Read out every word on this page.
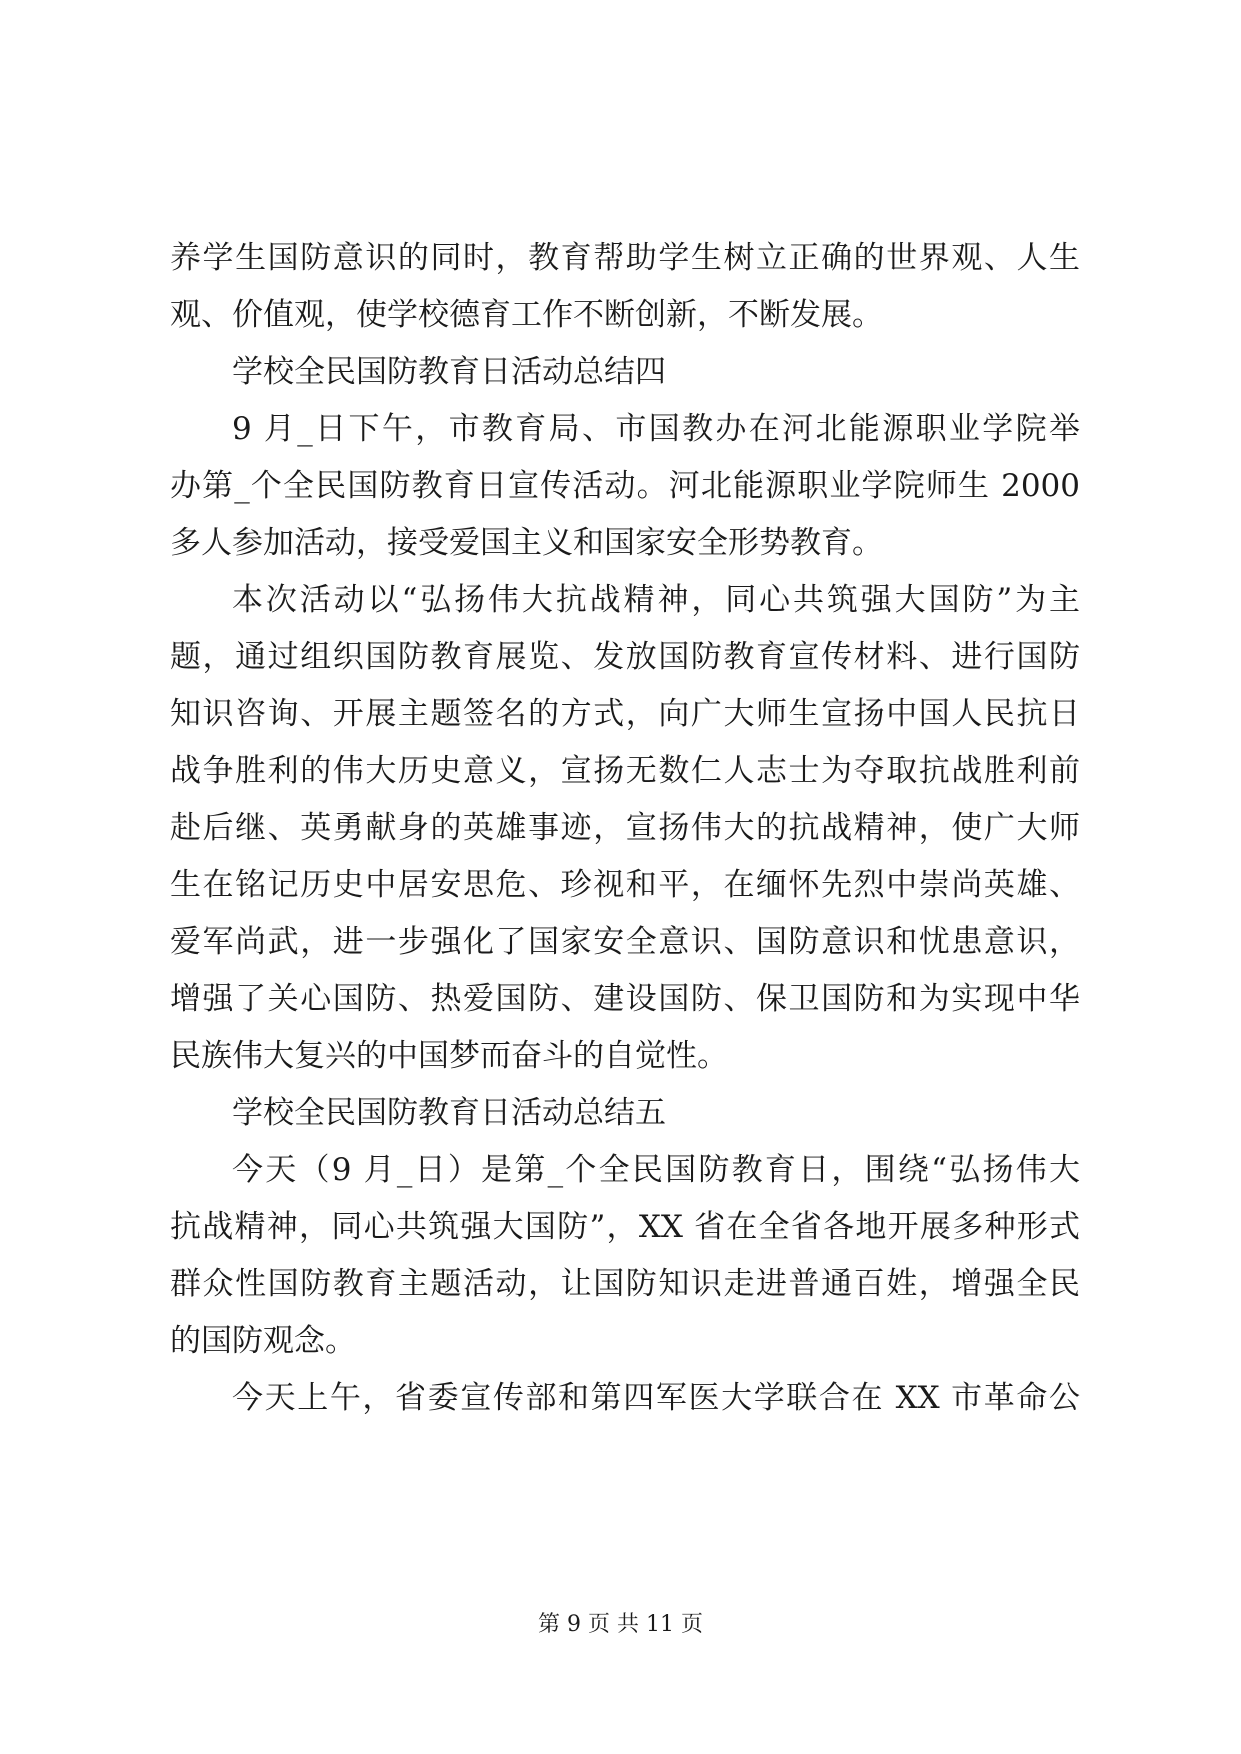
养学生国防意识的同时，教育帮助学生树立正确的世界观、人生
观、价值观，使学校德育工作不断创新，不断发展。
学校全民国防教育日活动总结四
9 月_日下午，市教育局、市国教办在河北能源职业学院举
办第_个全民国防教育日宣传活动。河北能源职业学院师生 2000
多人参加活动，接受爱国主义和国家安全形势教育。
本次活动以“弘扬伟大抗战精神，同心共筑强大国防”为主
题，通过组织国防教育展览、发放国防教育宣传材料、进行国防
知识咨询、开展主题签名的方式，向广大师生宣扬中国人民抗日
战争胜利的伟大历史意义，宣扬无数仁人志士为夺取抗战胜利前
赴后继、英勇献身的英雄事迹，宣扬伟大的抗战精神，使广大师
生在铭记历史中居安思危、珍视和平，在缅怀先烈中崇尚英雄、
爱军尚武，进一步强化了国家安全意识、国防意识和忧患意识，
增强了关心国防、热爱国防、建设国防、保卫国防和为实现中华
民族伟大复兴的中国梦而奋斗的自觉性。
学校全民国防教育日活动总结五
今天（9 月_日）是第_个全民国防教育日，围绕“弘扬伟大
抗战精神，同心共筑强大国防”，XX 省在全省各地开展多种形式
群众性国防教育主题活动，让国防知识走进普通百姓，增强全民
的国防观念。
今天上午，省委宣传部和第四军医大学联合在 XX 市革命公
第 9 页 共 11 页
